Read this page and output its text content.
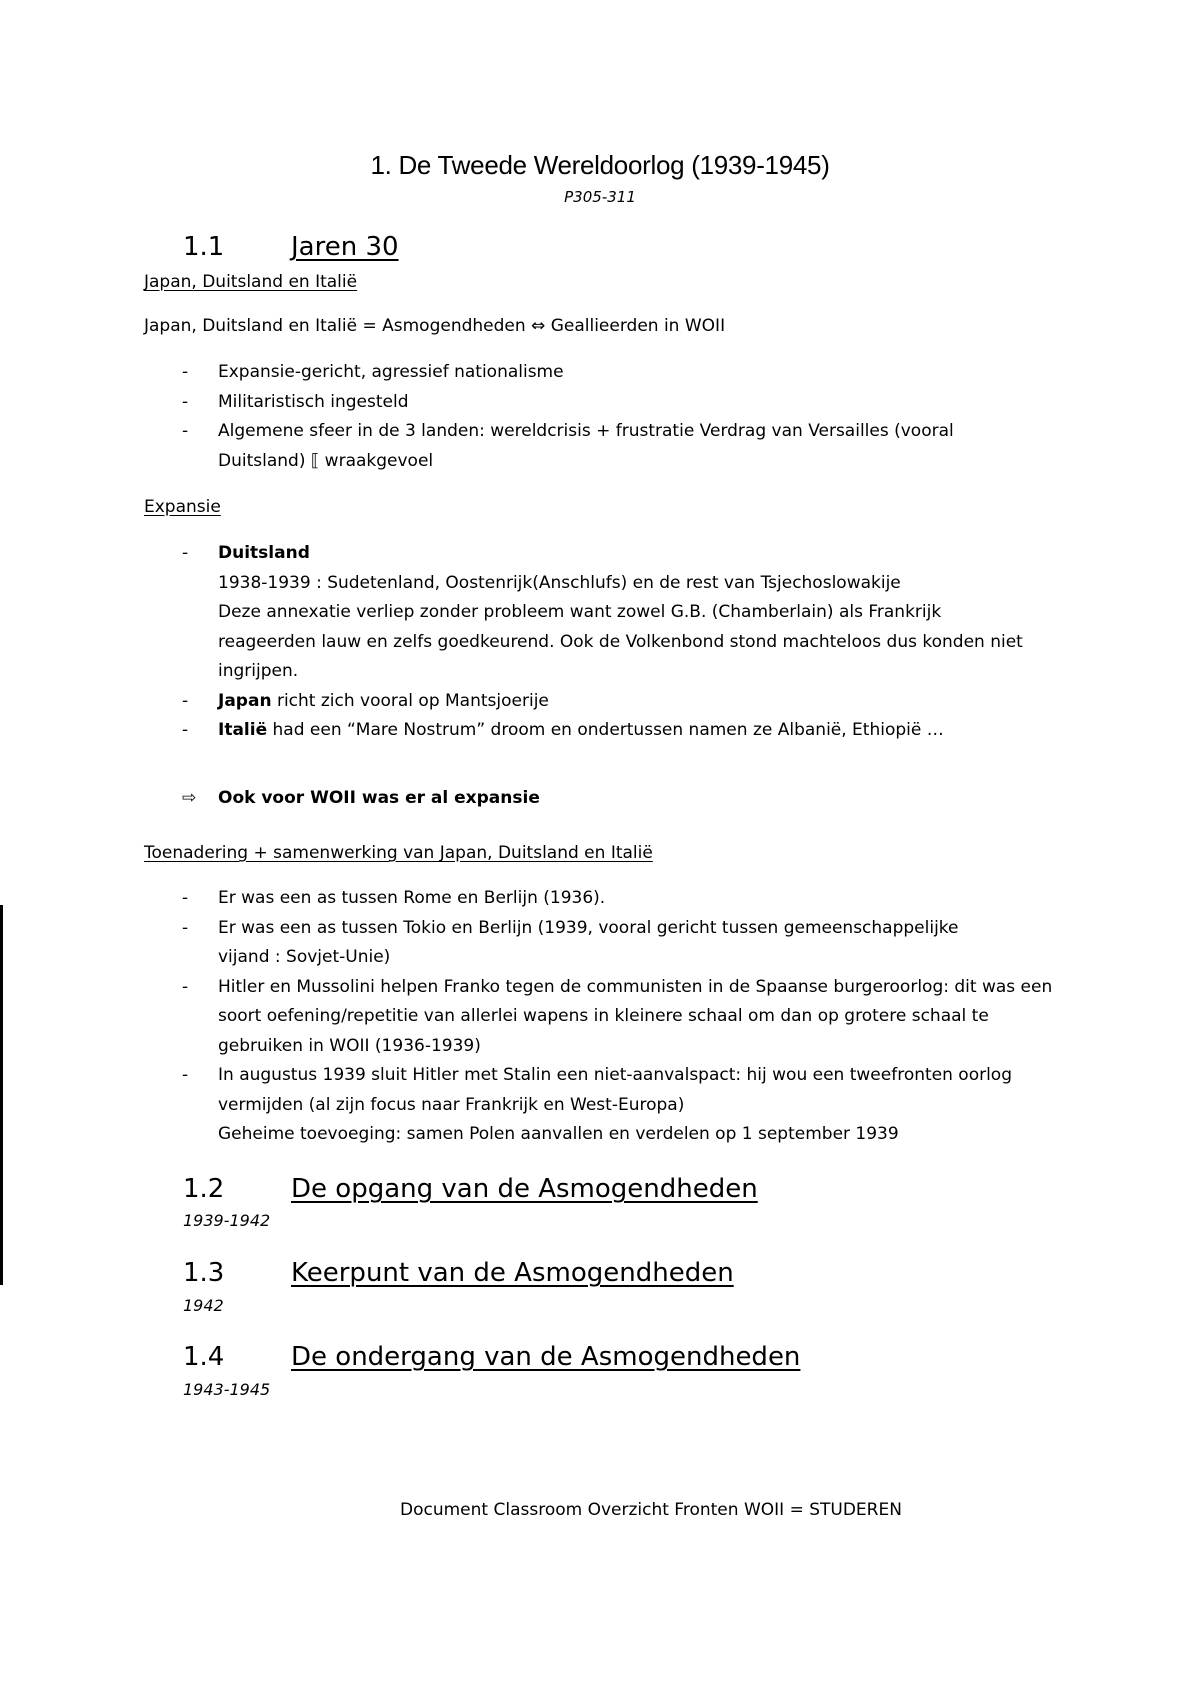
1. De Tweede Wereldoorlog (1939-1945)
P305-311
1.1	Jaren 30
Japan, Duitsland en Italië
Japan, Duitsland en Italië = Asmogendheden ⇔ Geallieerden in WOII
- Expansie-gericht, agressief nationalisme
- Militaristisch ingesteld
- Algemene sfeer in de 3 landen: wereldcrisis + frustratie Verdrag van Versailles (vooral Duitsland) ⟦ wraakgevoel
Expansie
- Duitsland
1938-1939 : Sudetenland, Oostenrijk(Anschlufs) en de rest van Tsjechoslowakije
Deze annexatie verliep zonder probleem want zowel G.B. (Chamberlain) als Frankrijk reageerden lauw en zelfs goedkeurend. Ook de Volkenbond stond machteloos dus konden niet ingrijpen.
- Japan richt zich vooral op Mantsjoerije
- Italië had een “Mare Nostrum” droom en ondertussen namen ze Albanië, Ethiopië …
⇨ Ook voor WOII was er al expansie
Toenadering + samenwerking van Japan, Duitsland en Italië
- Er was een as tussen Rome en Berlijn (1936).
- Er was een as tussen Tokio en Berlijn (1939, vooral gericht tussen gemeenschappelijke vijand : Sovjet-Unie)
- Hitler en Mussolini helpen Franko tegen de communisten in de Spaanse burgeroorlog: dit was een soort oefening/repetitie van allerlei wapens in kleinere schaal om dan op grotere schaal te gebruiken in WOII (1936-1939)
- In augustus 1939 sluit Hitler met Stalin een niet-aanvalspact: hij wou een tweefronten oorlog vermijden (al zijn focus naar Frankrijk en West-Europa)
Geheime toevoeging: samen Polen aanvallen en verdelen op 1 september 1939
1.2	De opgang van de Asmogendheden
1939-1942
1.3	Keerpunt van de Asmogendheden
1942
1.4	De ondergang van de Asmogendheden
1943-1945
Document Classroom Overzicht Fronten WOII = STUDEREN
